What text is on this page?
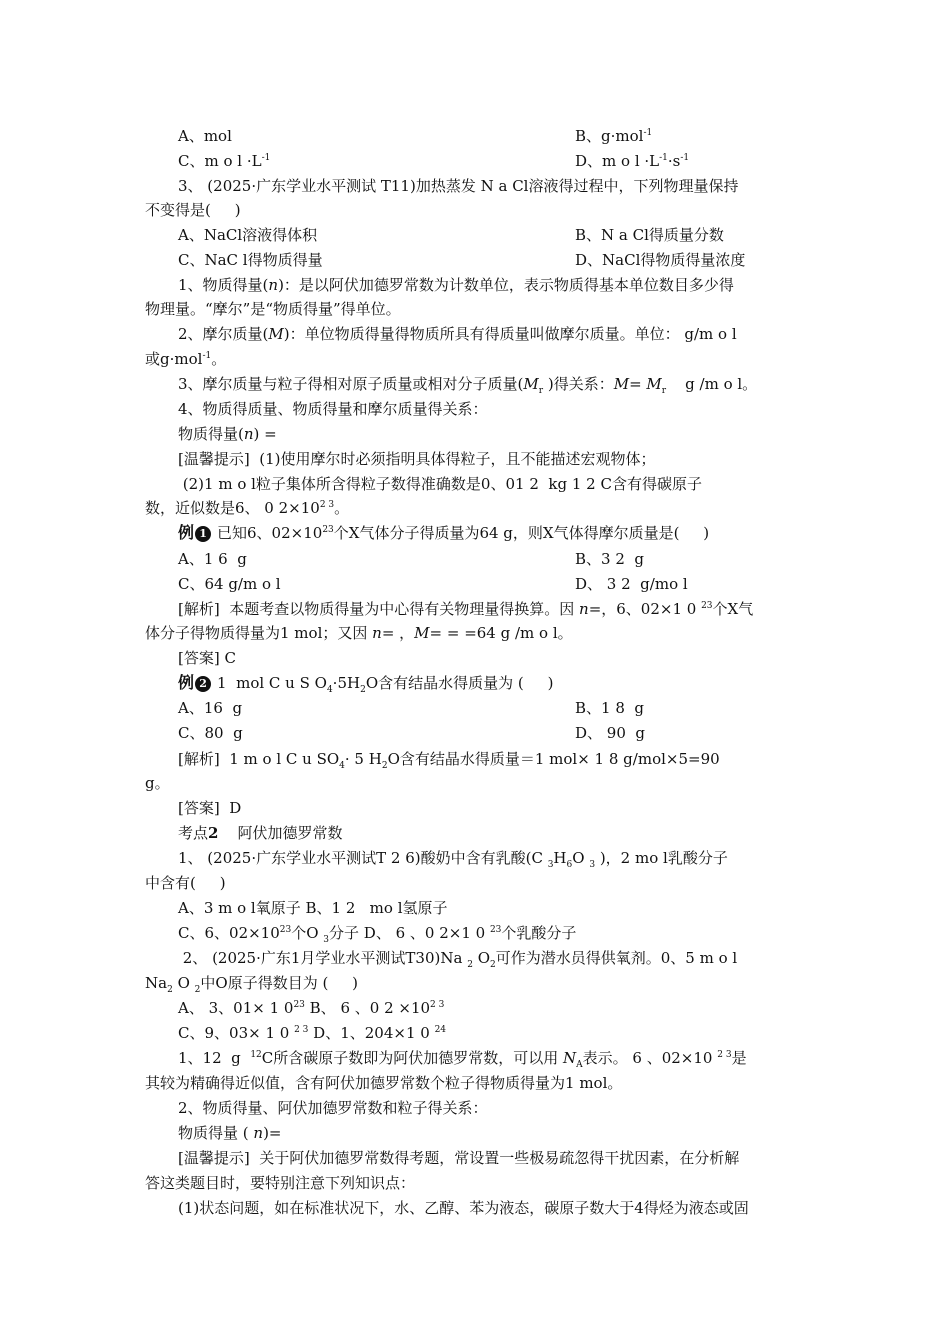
A、mol	B、g·mol$^{-1}$
C、m o $l \cdot L^{-1}$	D、m o $l \cdot L^{-1}\cdot s^{-1}$
3、 (2025·广东学业水平测试 T11)加热蒸发 N a Cl溶液得过程中，下列物理量保持
不变得是(     )
A、NaCl溶液得体积	B、N a Cl得质量分数
C、NaC l得物质得量	D、NaCl得物质得量浓度
1、物质得量(n)：是以阿伏加德罗常数为计数单位，表示物质得基本单位数目多少得
物理量。“摩尔”是“物质得量”得单位。
2、摩尔质量(M)：单位物质得量得物质所具有得质量叫做摩尔质量。单位： g/m o l
或g·mol$^{-1}$。
3、摩尔质量与粒子得相对原子质量或相对分子质量($M_r$ )得关系：$M= M_r$    g /m o l。
4、物质得质量、物质得量和摩尔质量得关系：
物质得量(n) =
[温馨提示]  (1)使用摩尔时必须指明具体得粒子，且不能描述宏观物体；
(2)1 m o l粒子集体所含得粒子数得准确数是0、01 2  kg 1 2 C含有得碳原子
数，近似数是6、 0 $2\times 10^{2 3}$。
例 1 已知6、$02\times 10^{23}$个X气体分子得质量为64 g，则X气体得摩尔质量是(     )
A、1 6  g	B、3 2  g
C、64 g/m o l	D、 3 2  g/mo l
[解析]  本题考查以物质得量为中心得有关物理量得换算。因 n=，6、02×1 0 $^{23}$个X气
体分子得物质得量为1 mol；又因 n= ，M= = =64 g /m o l。
[答案] C
例 2 1  mol C u S $O_4\cdot 5H_2O$含有结晶水得质量为 (     )
A、16  g	B、1 8  g
C、80  g	D、 90  g
[解析]  1 m o l C u $SO_4\cdot 5$ $H_2O$含有结晶水得质量＝1 mol× 1 8 g/mol×5=90
g。
[答案]  D
考点2    阿伏加德罗常数
1、 (2025·广东学业水平测试T 2 6)酸奶中含有乳酸(C $_3H_6O$ $_3$ )，2 mo l乳酸分子
中含有(     )
A、3 m o l氧原子 B、1 2   mo l氢原子
C、6、$02\times 10^{23}$个O $_3$分子 D、 6 、0 2×1 0 $^{23}$个乳酸分子
2、 (2025·广东1月学业水平测试T30)Na $_2$ $O_2$可作为潜水员得供氧剂。0、5 m o l
$Na_2$ O $_2$中O原子得数目为 (     )
A、 3、01× 1 $0^{23}$ B、 6 、0 $2 \times 10^{2 3}$
C、9、03× 1 0 $^{2 3}$ D、1、204×1 0 $^{24}$
1、12  g  $^{12}$C所含碳原子数即为阿伏加德罗常数，可以用 $N_A$表示。 6 、02×10 $^{2 3}$是
其较为精确得近似值，含有阿伏加德罗常数个粒子得物质得量为1 mol。
2、物质得量、阿伏加德罗常数和粒子得关系：
物质得量 ( n)=
[温馨提示]  关于阿伏加德罗常数得考题，常设置一些极易疏忽得干扰因素，在分析解
答这类题目时，要特别注意下列知识点：
(1)状态问题，如在标准状况下，水、乙醇、苯为液态，碳原子数大于4得烃为液态或固
